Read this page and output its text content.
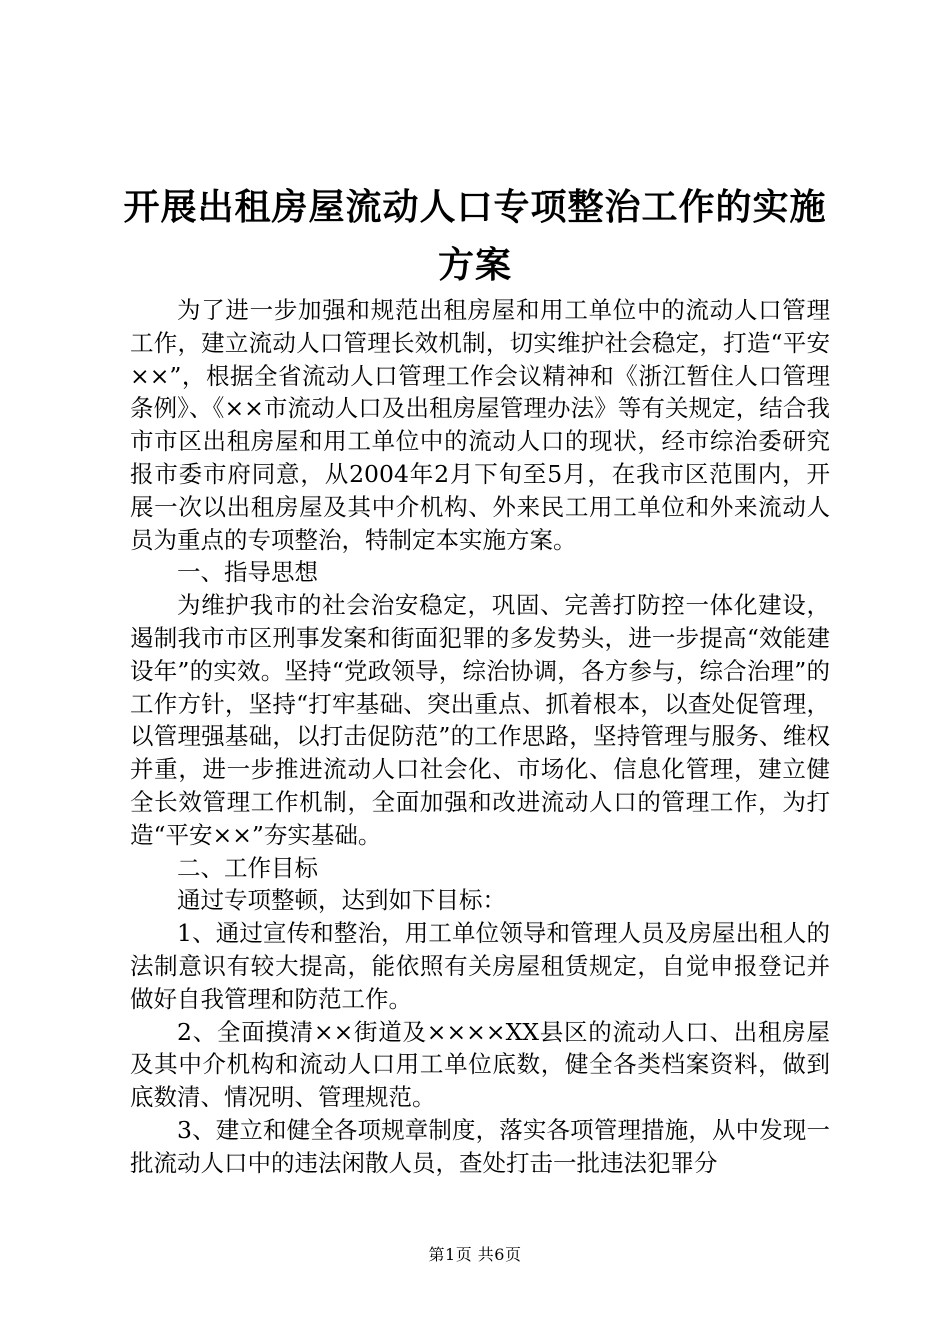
开展出租房屋流动人口专项整治工作的实施方案

为了进一步加强和规范出租房屋和用工单位中的流动人口管理工作，建立流动人口管理长效机制，切实维护社会稳定，打造“平安××”，根据全省流动人口管理工作会议精神和《浙江暂住人口管理条例》、《××市流动人口及出租房屋管理办法》等有关规定，结合我市市区出租房屋和用工单位中的流动人口的现状，经市综治委研究报市委市府同意，从2004年2月下旬至5月，在我市区范围内，开展一次以出租房屋及其中介机构、外来民工用工单位和外来流动人员为重点的专项整治，特制定本实施方案。

一、指导思想

为维护我市的社会治安稳定，巩固、完善打防控一体化建设，遏制我市市区刑事发案和街面犯罪的多发势头，进一步提高“效能建设年”的实效。坚持“党政领导，综治协调，各方参与，综合治理”的工作方针，坚持“打牢基础、突出重点、抓着根本，以查处促管理，以管理强基础，以打击促防范”的工作思路，坚持管理与服务、维权并重，进一步推进流动人口社会化、市场化、信息化管理，建立健全长效管理工作机制，全面加强和改进流动人口的管理工作，为打造“平安××”夯实基础。

二、工作目标

通过专项整顿，达到如下目标：

1、通过宣传和整治，用工单位领导和管理人员及房屋出租人的法制意识有较大提高，能依照有关房屋租赁规定，自觉申报登记并做好自我管理和防范工作。

2、全面摸清××街道及××××XX县区的流动人口、出租房屋及其中介机构和流动人口用工单位底数，健全各类档案资料，做到底数清、情况明、管理规范。

3、建立和健全各项规章制度，落实各项管理措施，从中发现一批流动人口中的违法闲散人员，查处打击一批违法犯罪分

第1页 共6页
